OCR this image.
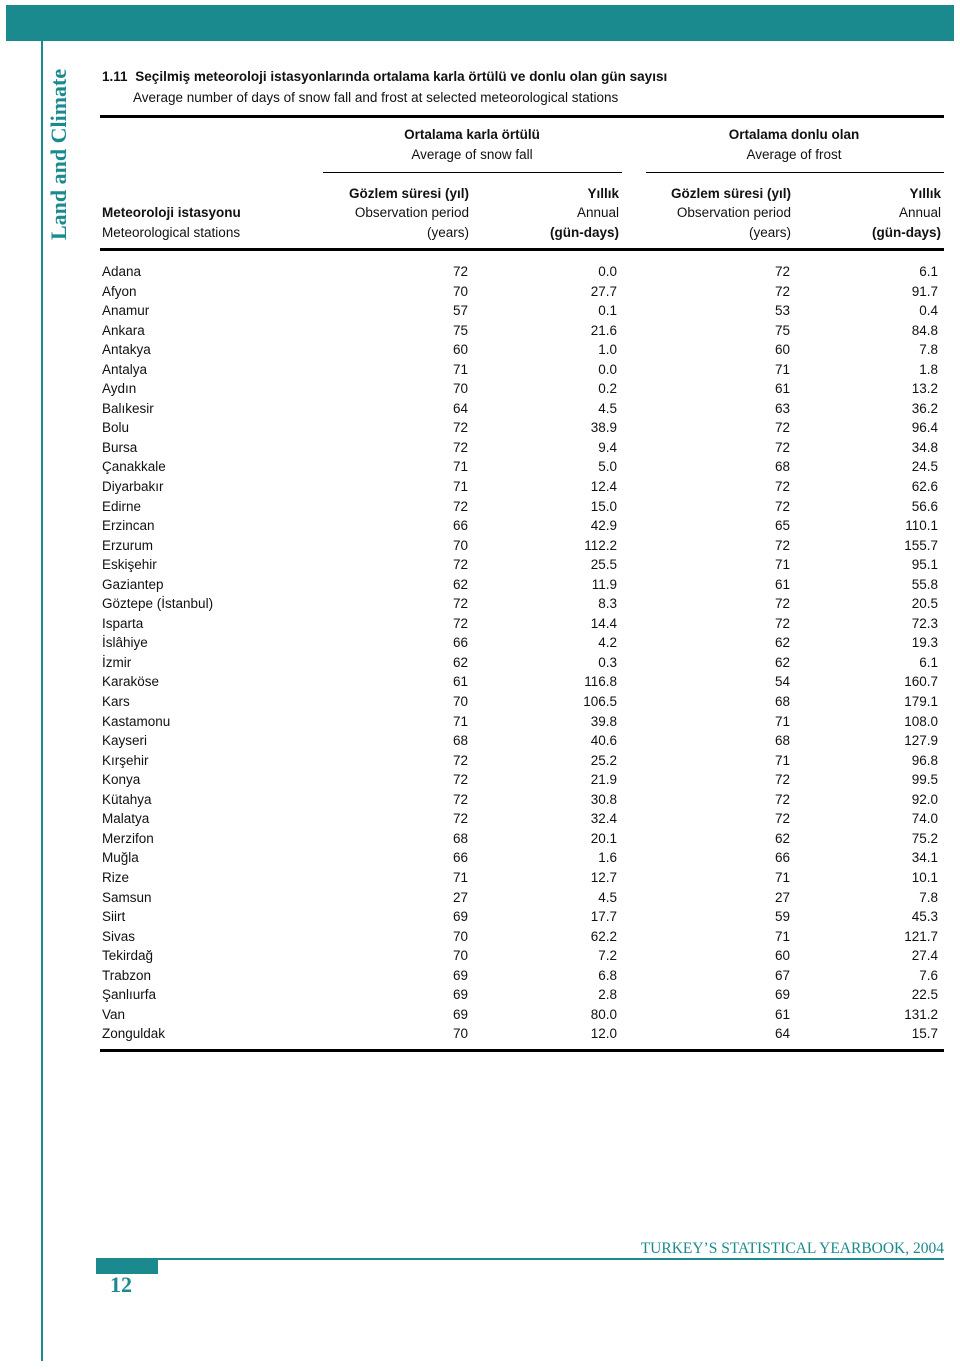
Land and Climate 1.11 Seçilmiş meteoroloji istasyonlarında ortalama karla örtülü ve donlu olan gün sayısı
Average number of days of snow fall and frost at selected meteorological stations
Ortalama karla örtülü
Average of snow fall
Ortalama donlu olan
Average of frost
Meteoroloji istasyonu
Meteorological stations
Gözlem süresi (yıl)
Observation period
(years)
Yıllık
Annual
(gün-days)
Gözlem süresi (yıl)
Observation period
(years)
Yıllık
Annual
(gün-days)
Adana	72	0.0	72	6.1
Afyon	70	27.7	72	91.7
Anamur	57	0.1	53	0.4
Ankara	75	21.6	75	84.8
Antakya	60	1.0	60	7.8
Antalya	71	0.0	71	1.8
Aydın	70	0.2	61	13.2
Balıkesir	64	4.5	63	36.2
Bolu	72	38.9	72	96.4
Bursa	72	9.4	72	34.8
Çanakkale	71	5.0	68	24.5
Diyarbakır	71	12.4	72	62.6
Edirne	72	15.0	72	56.6
Erzincan	66	42.9	65	110.1
Erzurum	70	112.2	72	155.7
Eskişehir	72	25.5	71	95.1
Gaziantep	62	11.9	61	55.8
Göztepe (İstanbul)	72	8.3	72	20.5
Isparta	72	14.4	72	72.3
İslâhiye	66	4.2	62	19.3
İzmir	62	0.3	62	6.1
Karaköse	61	116.8	54	160.7
Kars	70	106.5	68	179.1
Kastamonu	71	39.8	71	108.0
Kayseri	68	40.6	68	127.9
Kırşehir	72	25.2	71	96.8
Konya	72	21.9	72	99.5
Kütahya	72	30.8	72	92.0
Malatya	72	32.4	72	74.0
Merzifon	68	20.1	62	75.2
Muğla	66	1.6	66	34.1
Rize	71	12.7	71	10.1
Samsun	27	4.5	27	7.8
Siirt	69	17.7	59	45.3
Sivas	70	62.2	71	121.7
Tekirdağ	70	7.2	60	27.4
Trabzon	69	6.8	67	7.6
Şanlıurfa	69	2.8	69	22.5
Van	69	80.0	61	131.2
Zonguldak	70	12.0	64	15.7
TURKEY’S STATISTICAL YEARBOOK, 2004
12
